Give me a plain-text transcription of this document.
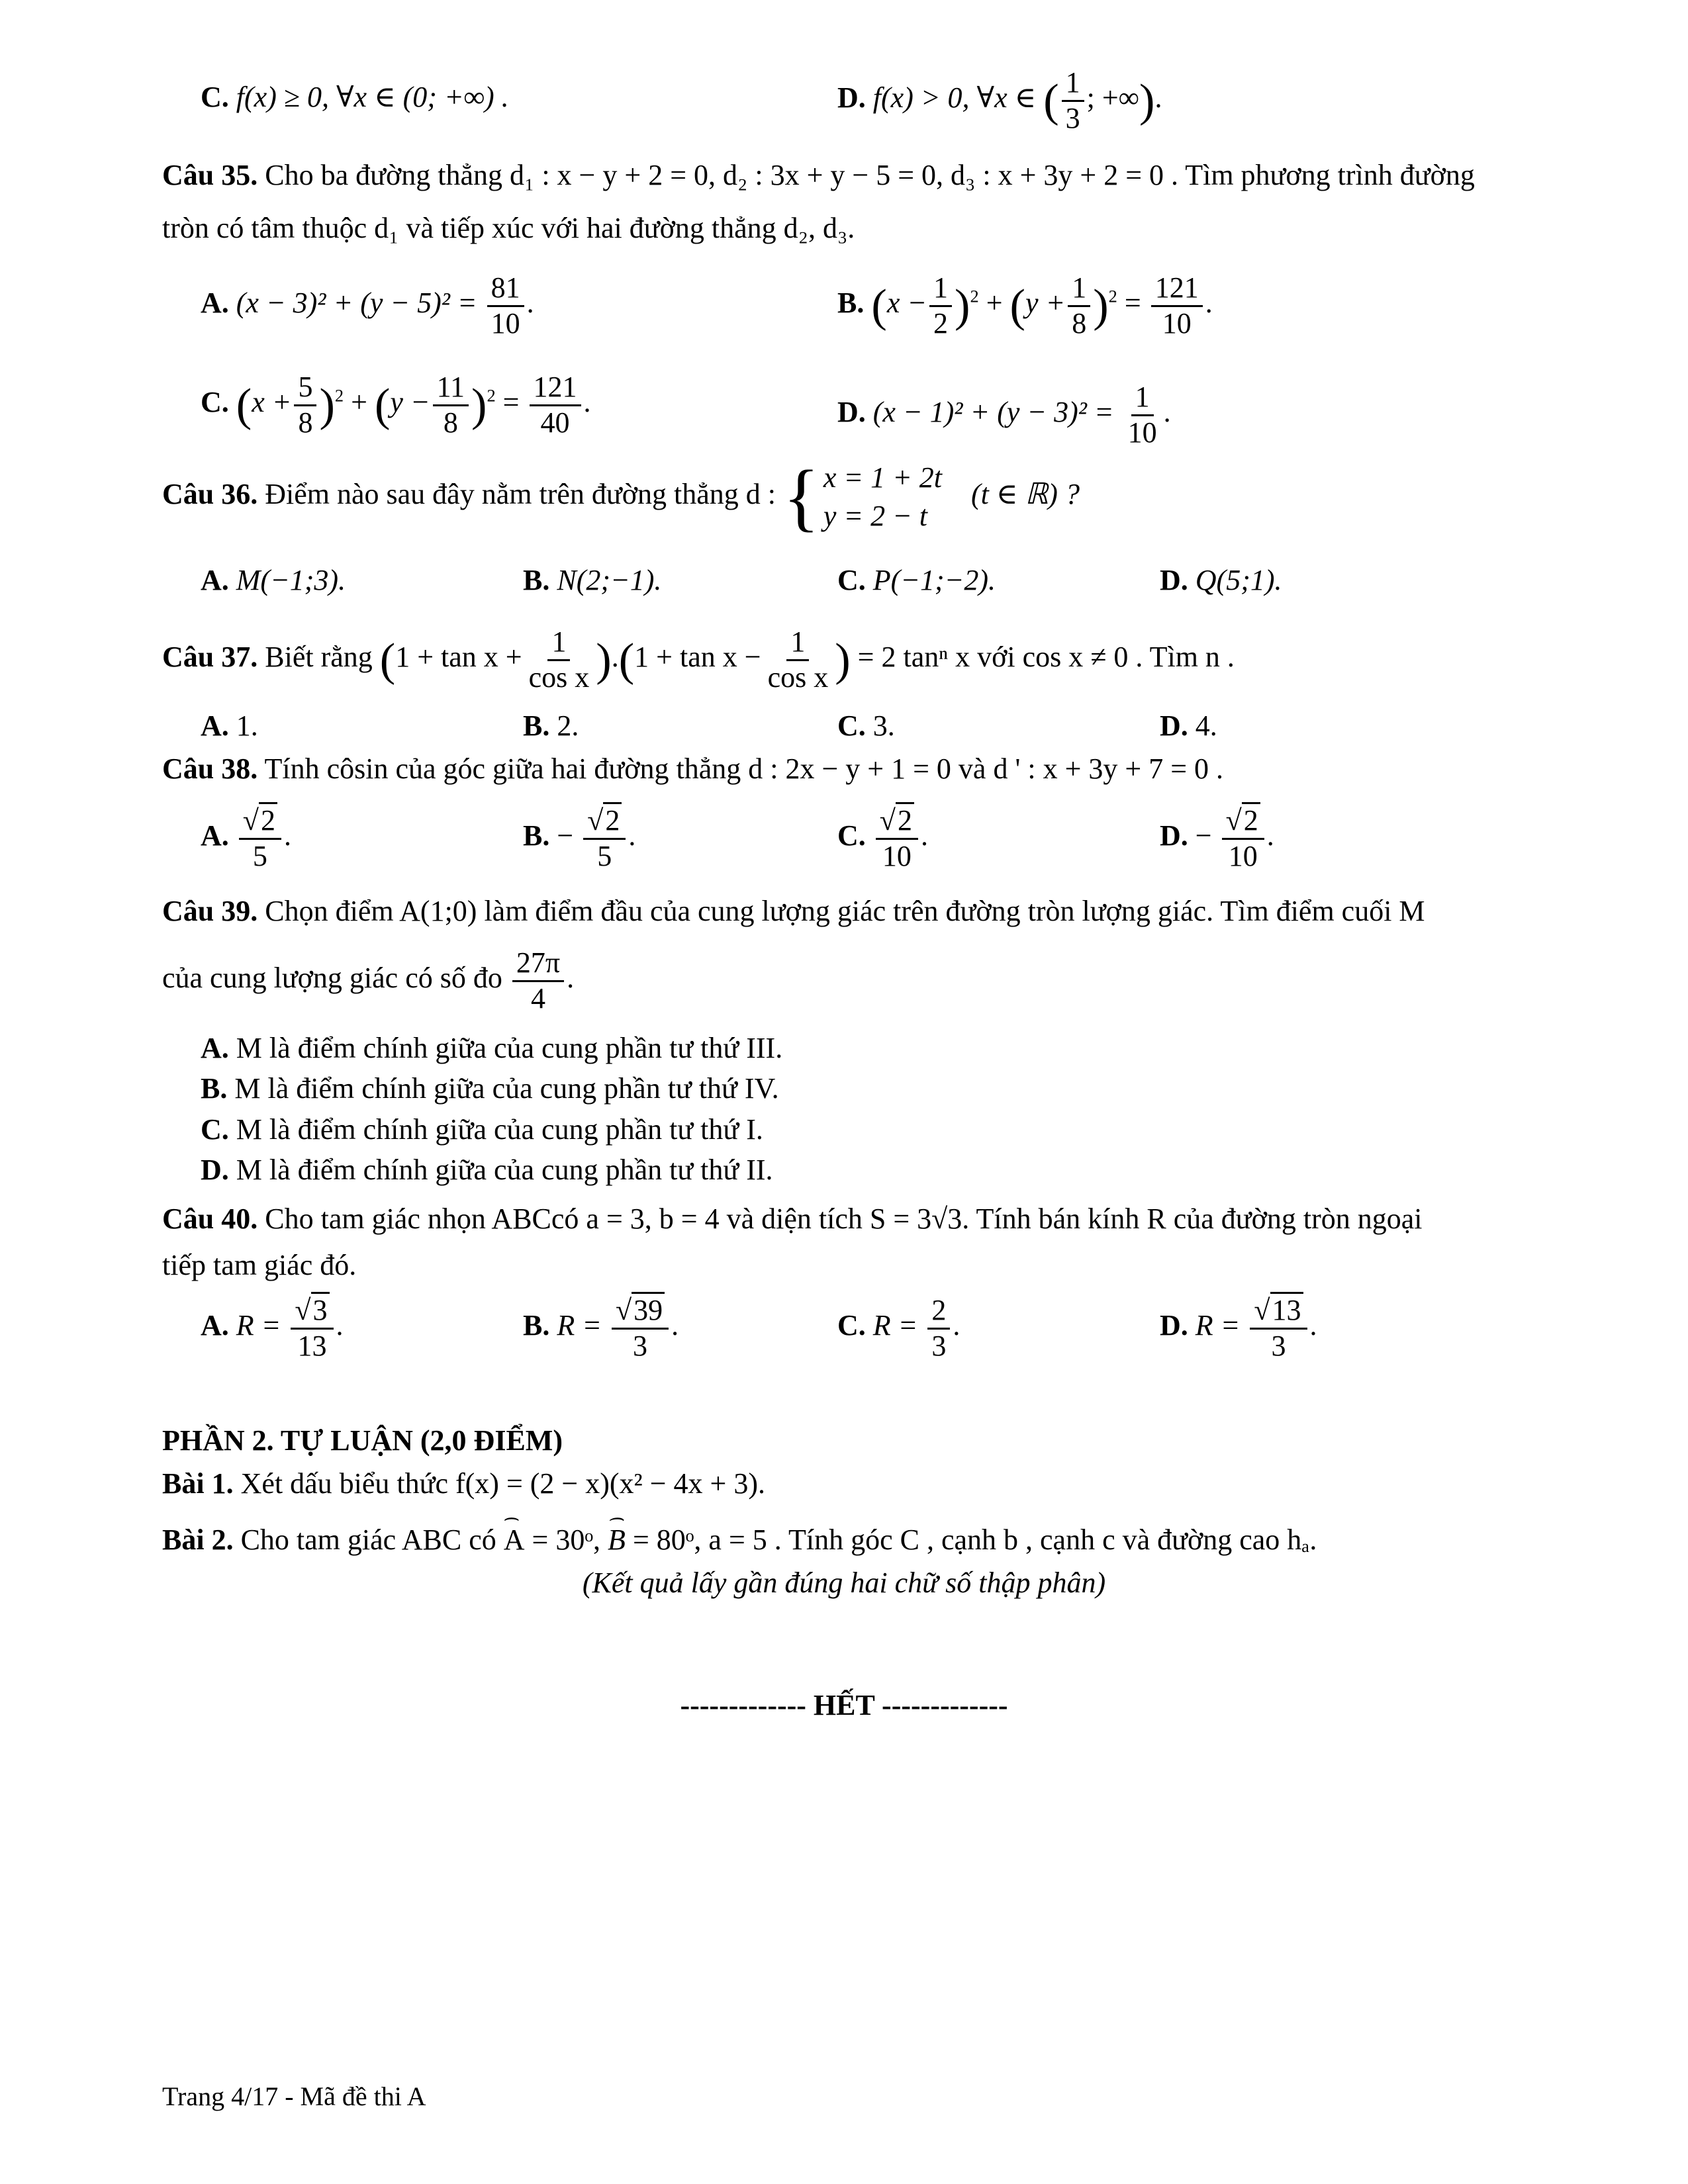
C. f(x) ≥ 0, ∀x ∈ (0; +∞) .	D. f(x) > 0, ∀x ∈ ( $\frac{1}{3}$ ; +∞).
Câu 35. Cho ba đường thẳng d₁ : x − y + 2 = 0, d₂ : 3x + y − 5 = 0, d₃ : x + 3y + 2 = 0 . Tìm phương trình đường
tròn có tâm thuộc d₁ và tiếp xúc với hai đường thẳng d₂, d₃.
A. $(x - 3)^2 + (y - 5)^2 = \frac{81}{10}$ .	B. $(x - \frac{1}{2} )^2 + (y + \frac{1}{8} )^2 = \frac{121}{10}$ .
C. $(x + \frac{5}{8} )^2 + (y - \frac{11}{8} )^2 = \frac{121}{40}$ .	D. $(x - 1)^2 + (y - 3)^2 = \frac{1}{10}$ .
Câu 36. Điểm nào sau đây nằm trên đường thẳng d : { x = 1 + 2t
y = 2 − t
(t ∈ ℝ) ?
A. M(−1;3).	B. N(2;−1).	C. P(−1;−2).	D. Q(5;1).
Câu 37. Biết rằng $(1 + \tan x + \frac{1}{\text{cos x}} ).(1 + \tan x - \frac{1}{\text{cos x}}$ ) = 2 tanⁿ x với cos x ≠ 0 . Tìm n .
A. 1.	B. 2.	C. 3.	D. 4.
Câu 38. Tính côsin của góc giữa hai đường thẳng d : 2x − y + 1 = 0 và d ' : x + 3y + 7 = 0 .
A. $\frac{√2}{5}$ .	B. − $\frac{√2}{5}$ .	C. $\frac{√2}{10}$ .	D. − $\frac{√2}{10}$ .
Câu 39. Chọn điểm A(1;0) làm điểm đầu của cung lượng giác trên đường tròn lượng giác. Tìm điểm cuối M
của cung lượng giác có số đo $\frac{27\pi}{4}$ .
A. M là điểm chính giữa của cung phần tư thứ III.
B. M là điểm chính giữa của cung phần tư thứ IV.
C. M là điểm chính giữa của cung phần tư thứ I.
D. M là điểm chính giữa của cung phần tư thứ II.
Câu 40. Cho tam giác nhọn ABCcó a = 3, b = 4 và diện tích S = 3√3. Tính bán kính R của đường tròn ngoại
tiếp tam giác đó.
A. $R = \frac{√3}{13}$ .	B. $R = \frac{√39}{3}$ .	C. $R = \frac{2}{3}$ .	D. $R = \frac{√13}{3}$ .
PHẦN 2. TỰ LUẬN (2,0 ĐIỂM)
Bài 1. Xét dấu biểu thức f(x) = (2 − x)(x² − 4x + 3).
Bài 2. Cho tam giác ABC có ⌢ A = 30ᵒ, ⌢ B = 80ᵒ, a = 5 . Tính góc C , cạnh b , cạnh c và đường cao hₐ.
(Kết quả lấy gần đúng hai chữ số thập phân)
------------- HẾT -------------
Trang 4/17 - Mã đề thi A
